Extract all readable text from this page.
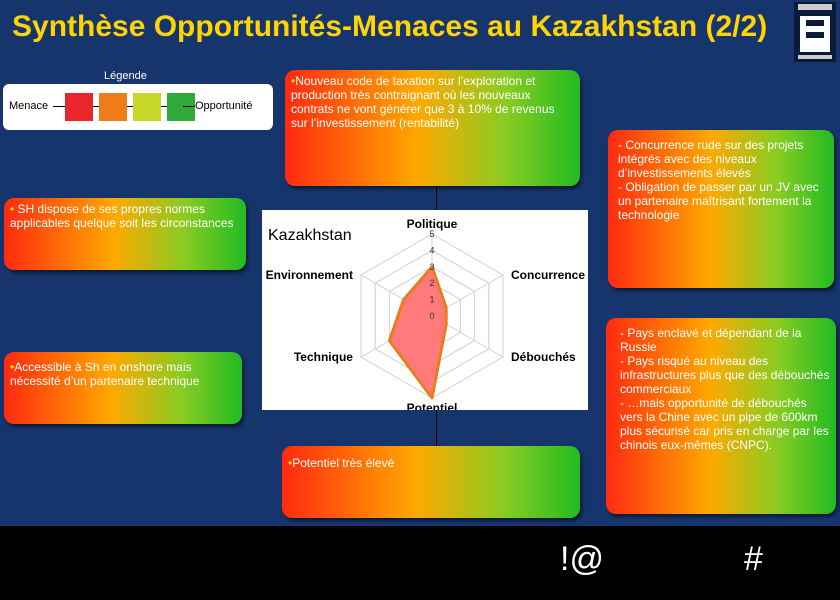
Synthèse Opportunités-Menaces au Kazakhstan (2/2)
Légende
Menace	Opportunité
•Nouveau code de taxation sur l’exploration et production très contraignant où les nouveaux contrats ne vont générer que 3 à 10% de revenus sur l’investissement (rentabilité)
• SH dispose de ses propres normes applicables quelque soit les circonstances
- Concurrence rude sur des projets intégrés avec des niveaux d’investissements élevés
- Obligation de passer par un JV avec un partenaire maîtrisant fortement la technologie
•Accessible à Sh en onshore mais nécessité d’un partenaire technique
- Pays enclavé et dépendant de la Russie
- Pays risqué au niveau des infrastructures plus que des débouchés commerciaux
- …mais opportunité de débouchés vers la Chine avec un pipe de 600km plus sécurisé car pris en charge par les chinois eux-mêmes (CNPC).
•Potentiel très élevé
0
1
2
3
4
5
Politique
Concurrence
Débouchés
Potentiel
Technique
Environnement
Kazakhstan
!@	#
